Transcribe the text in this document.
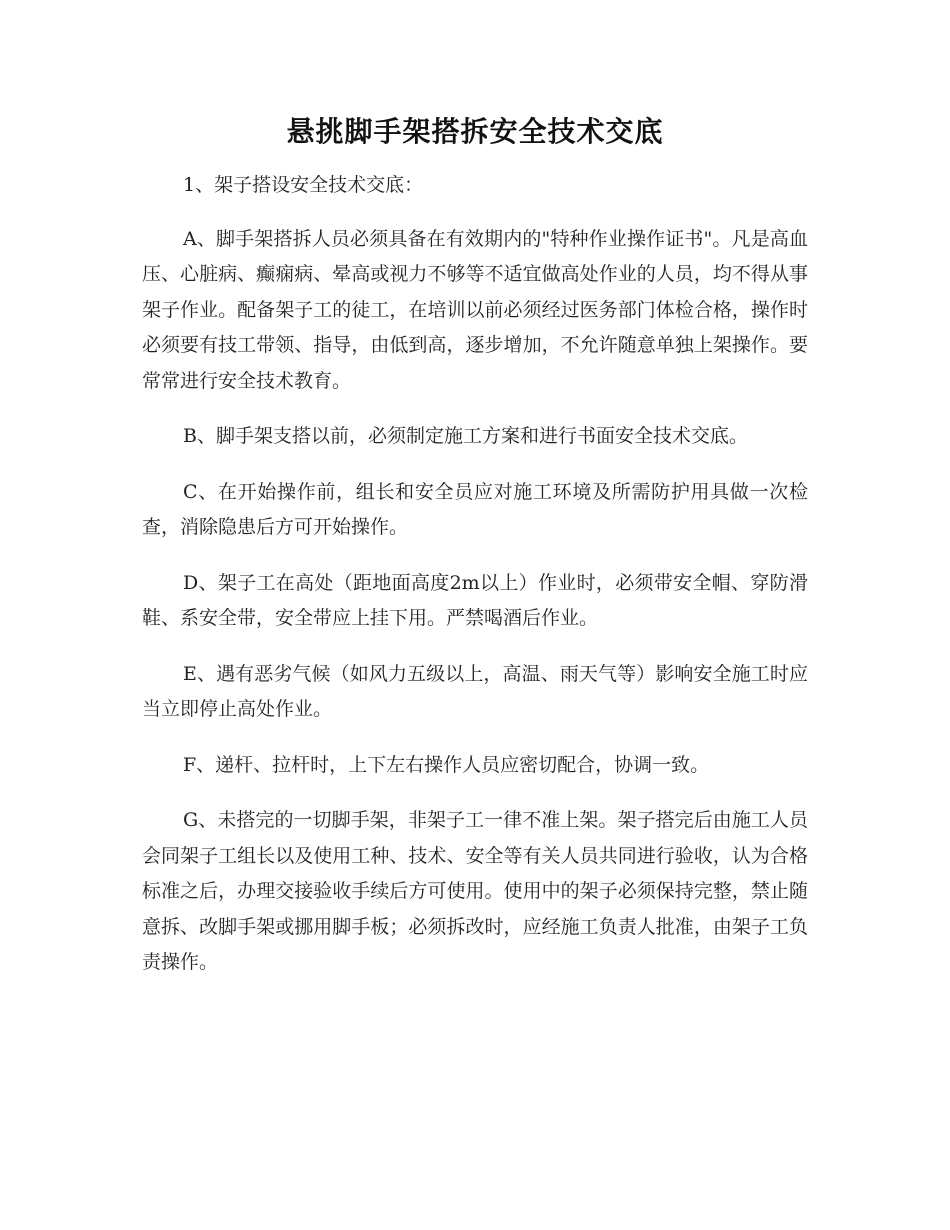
悬挑脚手架搭拆安全技术交底

1、架子搭设安全技术交底：

A、脚手架搭拆人员必须具备在有效期内的"特种作业操作证书"。凡是高血压、心脏病、癫痫病、晕高或视力不够等不适宜做高处作业的人员，均不得从事架子作业。配备架子工的徒工，在培训以前必须经过医务部门体检合格，操作时必须要有技工带领、指导，由低到高，逐步增加，不允许随意单独上架操作。要常常进行安全技术教育。

B、脚手架支搭以前，必须制定施工方案和进行书面安全技术交底。

C、在开始操作前，组长和安全员应对施工环境及所需防护用具做一次检查，消除隐患后方可开始操作。

D、架子工在高处（距地面高度2m以上）作业时，必须带安全帽、穿防滑鞋、系安全带，安全带应上挂下用。严禁喝酒后作业。

E、遇有恶劣气候（如风力五级以上，高温、雨天气等）影响安全施工时应当立即停止高处作业。

F、递杆、拉杆时，上下左右操作人员应密切配合，协调一致。

G、未搭完的一切脚手架，非架子工一律不准上架。架子搭完后由施工人员会同架子工组长以及使用工种、技术、安全等有关人员共同进行验收，认为合格标准之后，办理交接验收手续后方可使用。使用中的架子必须保持完整，禁止随意拆、改脚手架或挪用脚手板；必须拆改时，应经施工负责人批准，由架子工负责操作。
